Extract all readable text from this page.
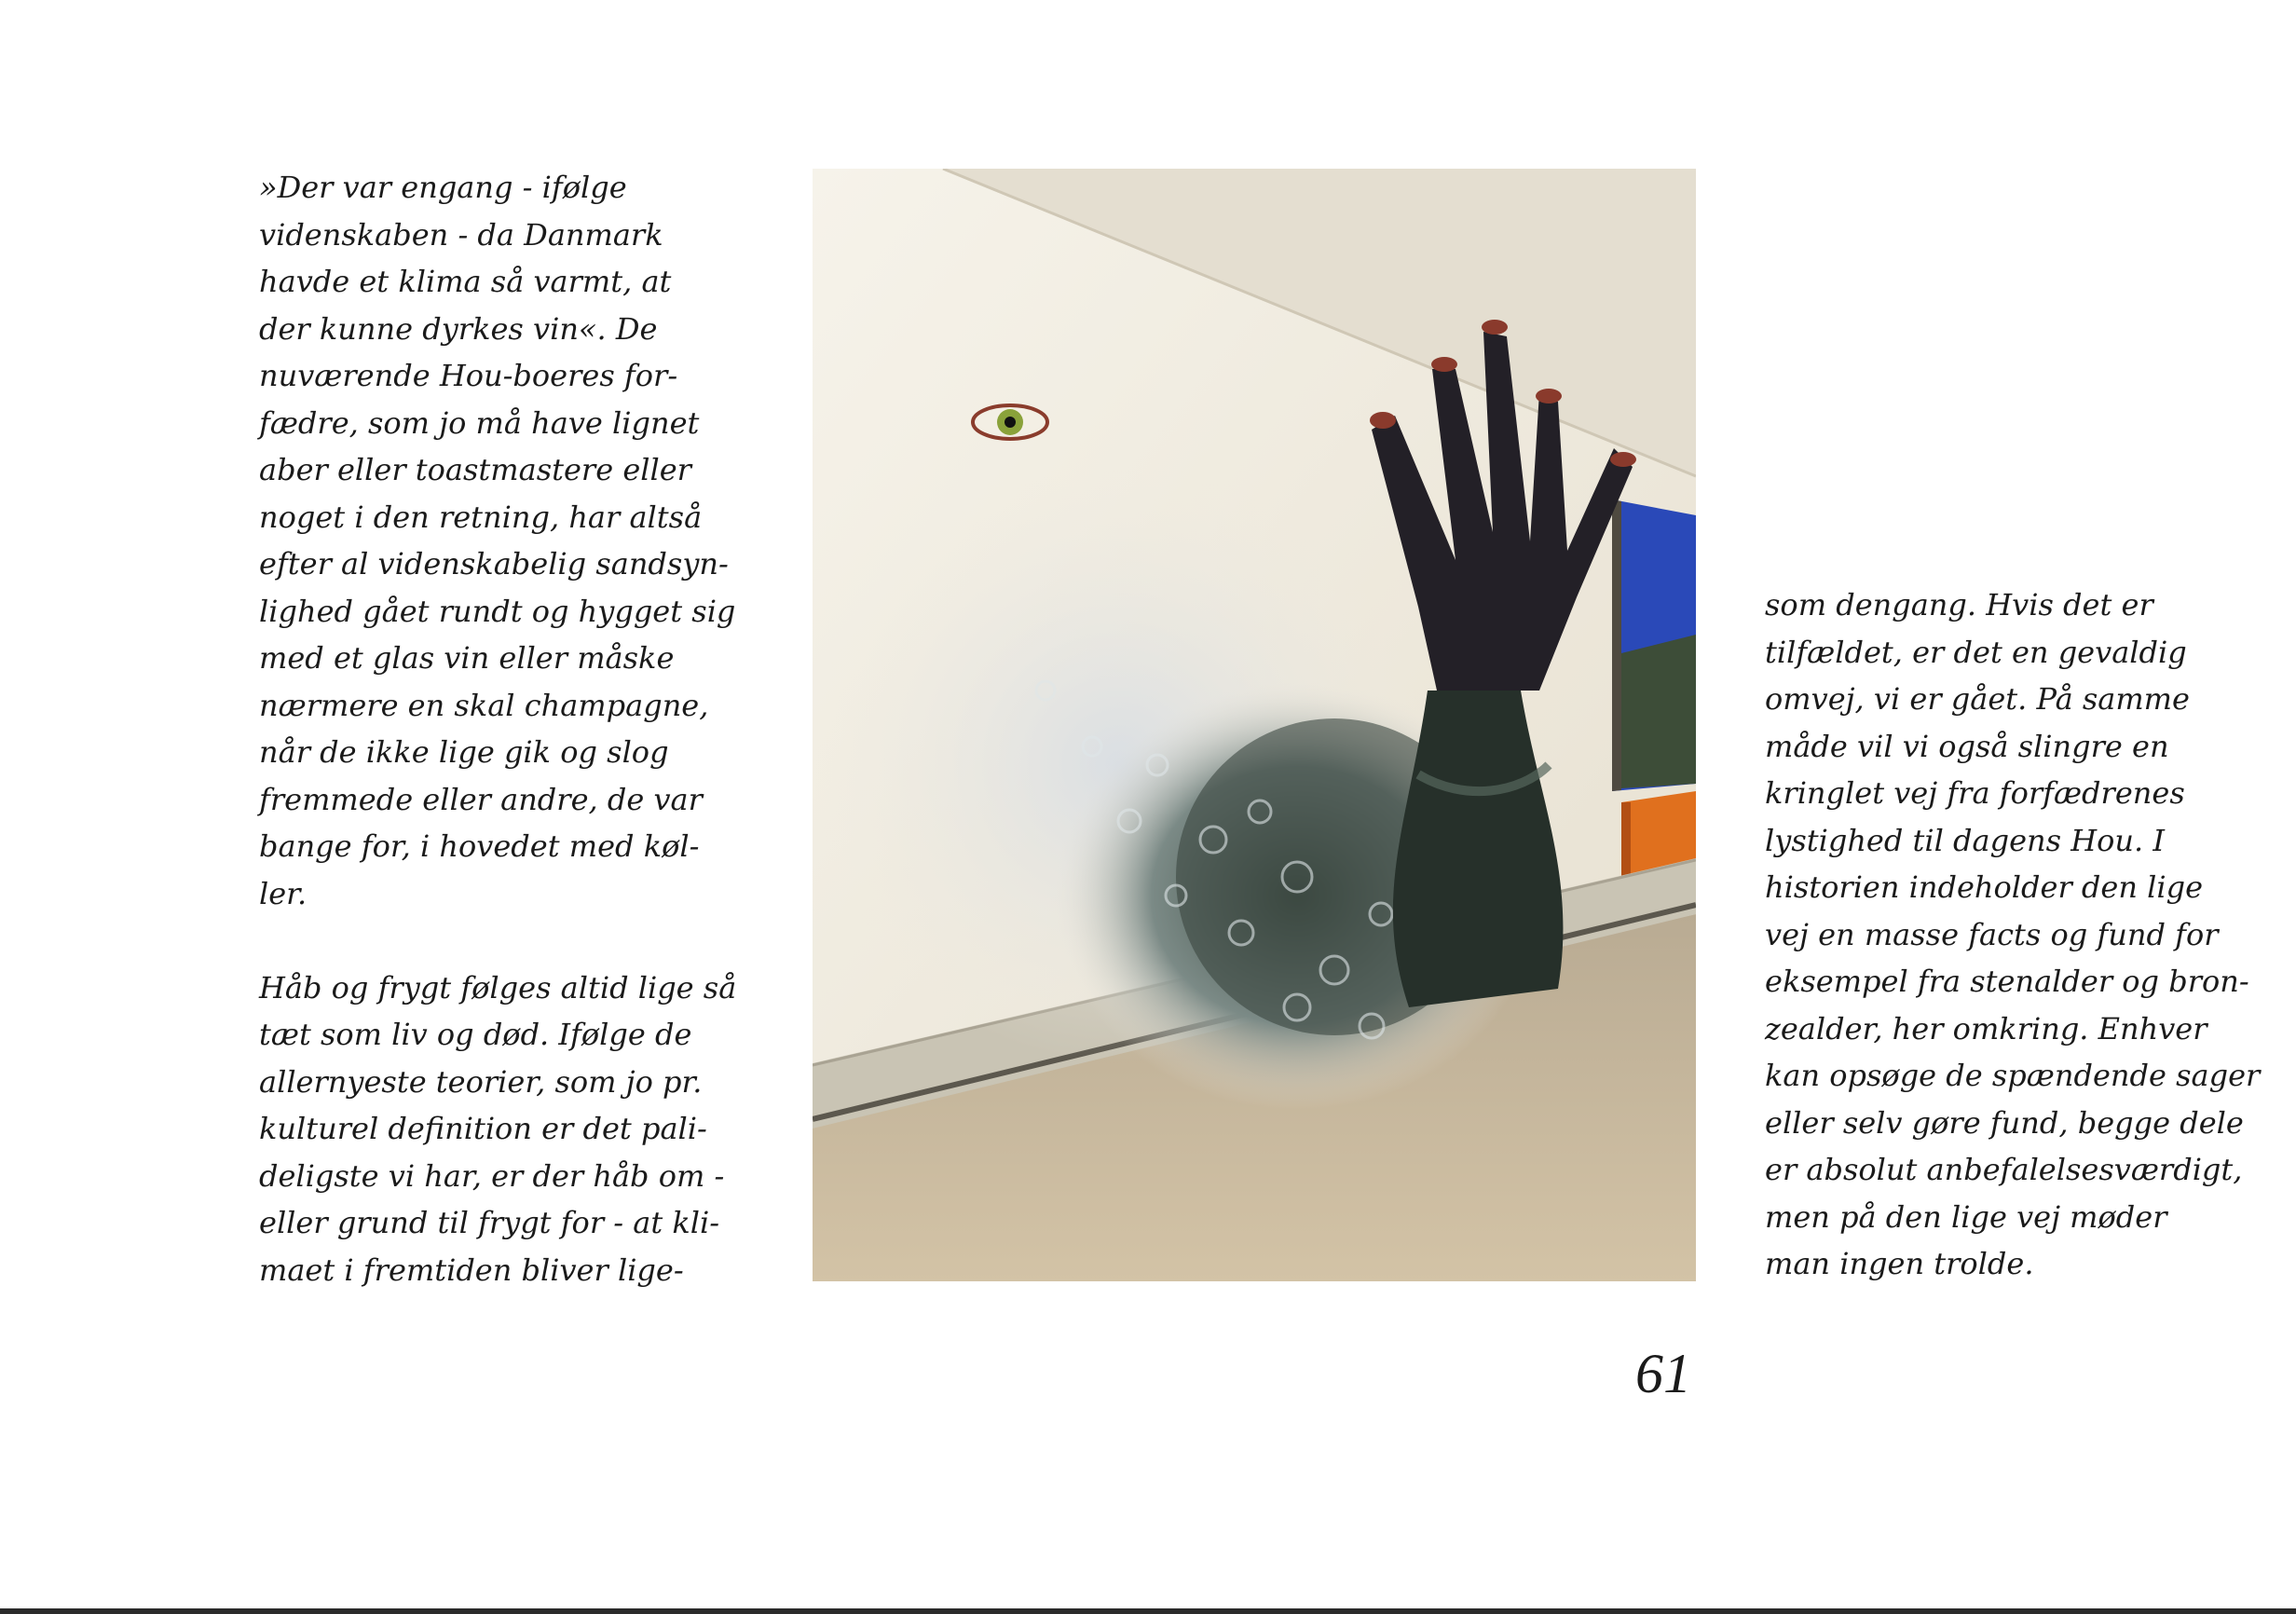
»Der var engang - ifølge
videnskaben - da Danmark
havde et klima så varmt, at
der kunne dyrkes vin«. De
nuværende Hou-boeres for-
fædre, som jo må have lignet
aber eller toastmastere eller
noget i den retning, har altså
efter al videnskabelig sandsyn-
lighed gået rundt og hygget sig
med et glas vin eller måske
nærmere en skal champagne,
når de ikke lige gik og slog
fremmede eller andre, de var
bange for, i hovedet med køl-
ler.
Håb og frygt følges altid lige så
tæt som liv og død. Ifølge de
allernyeste teorier, som jo pr.
kulturel definition er det pali-
deligste vi har, er der håb om -
eller grund til frygt for - at kli-
maet i fremtiden bliver lige-
som dengang. Hvis det er
tilfældet, er det en gevaldig
omvej, vi er gået. På samme
måde vil vi også slingre en
kringlet vej fra forfædrenes
lystighed til dagens Hou. I
historien indeholder den lige
vej en masse facts og fund for
eksempel fra stenalder og bron-
zealder, her omkring. Enhver
kan opsøge de spændende sager
eller selv gøre fund, begge dele
er absolut anbefalelsesværdigt,
men på den lige vej møder
man ingen trolde.
61
